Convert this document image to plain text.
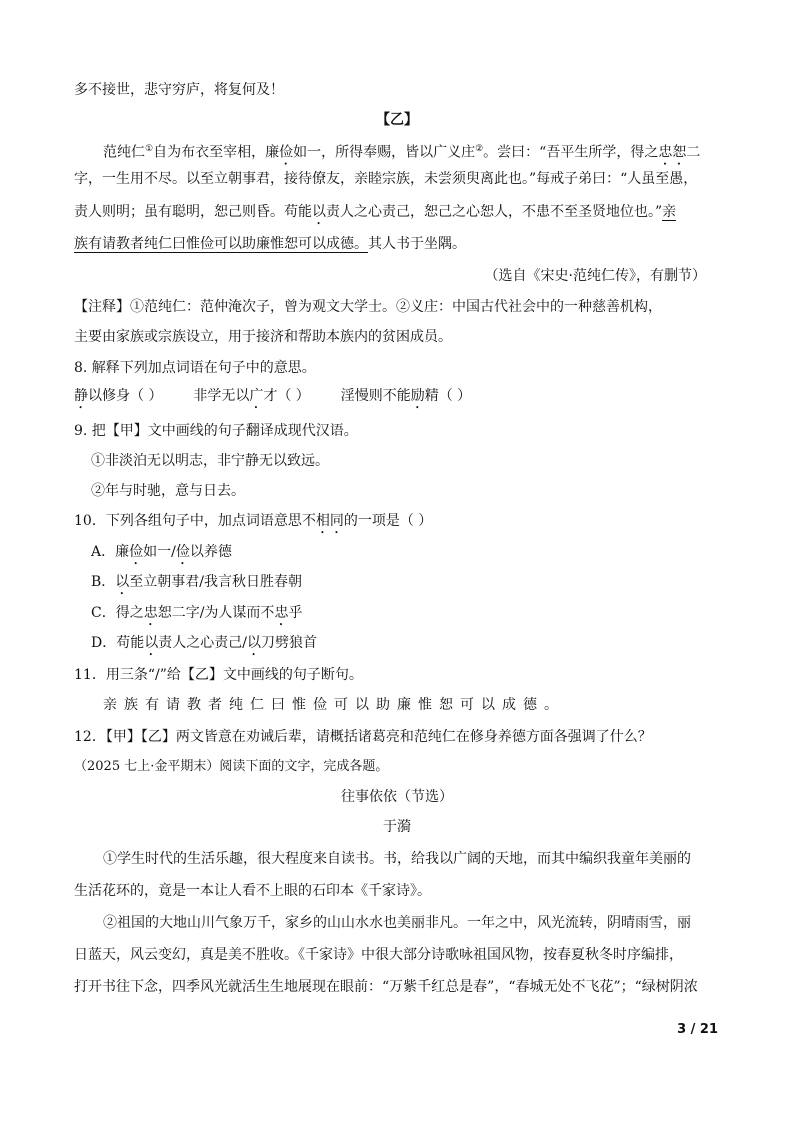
多不接世，悲守穷庐，将复何及！
【乙】
范纯仁①自为布衣至宰相，廉俭如一，所得奉赐，皆以广义庄②。尝曰：“吾平生所学，得之忠恕二
字，一生用不尽。以至立朝事君，接待僚友，亲睦宗族，未尝须臾离此也。”每戒子弟曰：“人虽至愚，
责人则明；虽有聪明，恕己则昏。苟能以责人之心责己，恕己之心恕人，不患不至圣贤地位也。”亲
族有请教者纯仁曰惟俭可以助廉惟恕可以成德。其人书于坐隅。
（选自《宋史·范纯仁传》，有删节）
【注释】①范纯仁：范仲淹次子，曾为观文大学士。②义庄：中国古代社会中的一种慈善机构，
主要由家族或宗族设立，用于接济和帮助本族内的贫困成员。
8. 解释下列加点词语在句子中的意思。
静以修身（ ） 非学无以广才（ ） 淫慢则不能励精（ ）
9. 把【甲】文中画线的句子翻译成现代汉语。
①非淡泊无以明志，非宁静无以致远。
②年与时驰，意与日去。
10．下列各组句子中，加点词语意思不相同的一项是（ ）
A．廉俭如一/俭以养德
B．以至立朝事君/我言秋日胜春朝
C．得之忠恕二字/为人谋而不忠乎
D．苟能以责人之心责己/以刀劈狼首
11．用三条“/”给【乙】文中画线的句子断句。
亲族有请教者纯仁曰惟俭可以助廉惟恕可以成德。
12．【甲】【乙】两文皆意在劝诫后辈，请概括诸葛亮和范纯仁在修身养德方面各强调了什么？
（2025 七上·金平期末）阅读下面的文字，完成各题。
往事依依（节选）
于漪
①学生时代的生活乐趣，很大程度来自读书。书，给我以广阔的天地，而其中编织我童年美丽的
生活花环的，竟是一本让人看不上眼的石印本《千家诗》。
②祖国的大地山川气象万千，家乡的山山水水也美丽非凡。一年之中，风光流转，阴晴雨雪，丽
日蓝天，风云变幻，真是美不胜收。《千家诗》中很大部分诗歌咏祖国风物，按春夏秋冬时序编排，
打开书往下念，四季风光就活生生地展现在眼前：“万紫千红总是春”，“春城无处不飞花”；“绿树阴浓
3 / 21
